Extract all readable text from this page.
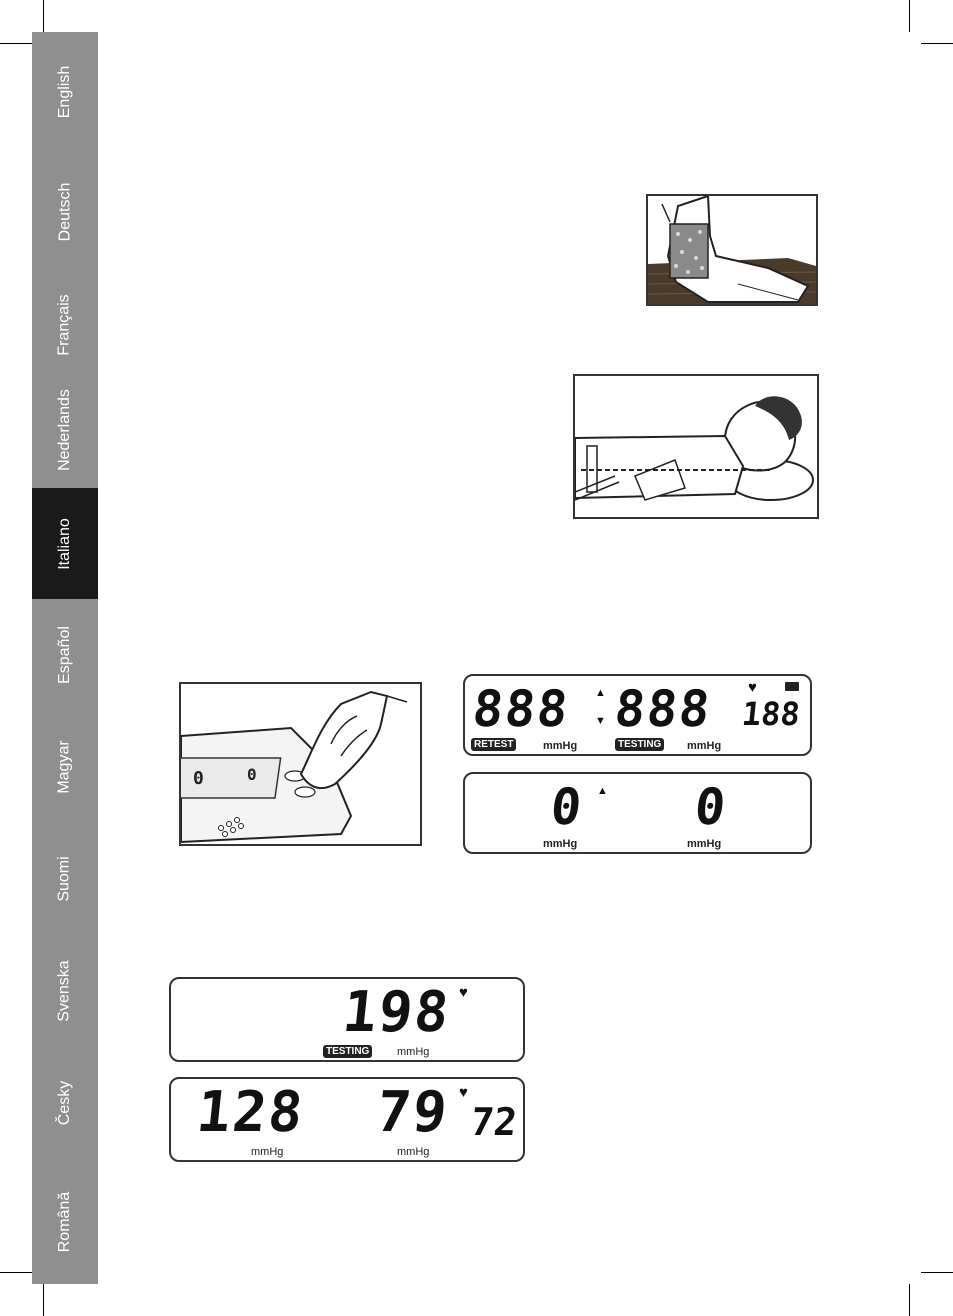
English
Deutsch
Français
Nederlands
Italiano
Español
Magyar
Suomi
Svenska
Česky
Română
0	0
888 ▲
▼ 888 ♥
188
RETEST	mmHg	TESTING mmHg
0 ▲ 0
mmHg	mmHg
198 ♥
TESTING	mmHg
128 79 ♥
72
mmHg	mmHg
